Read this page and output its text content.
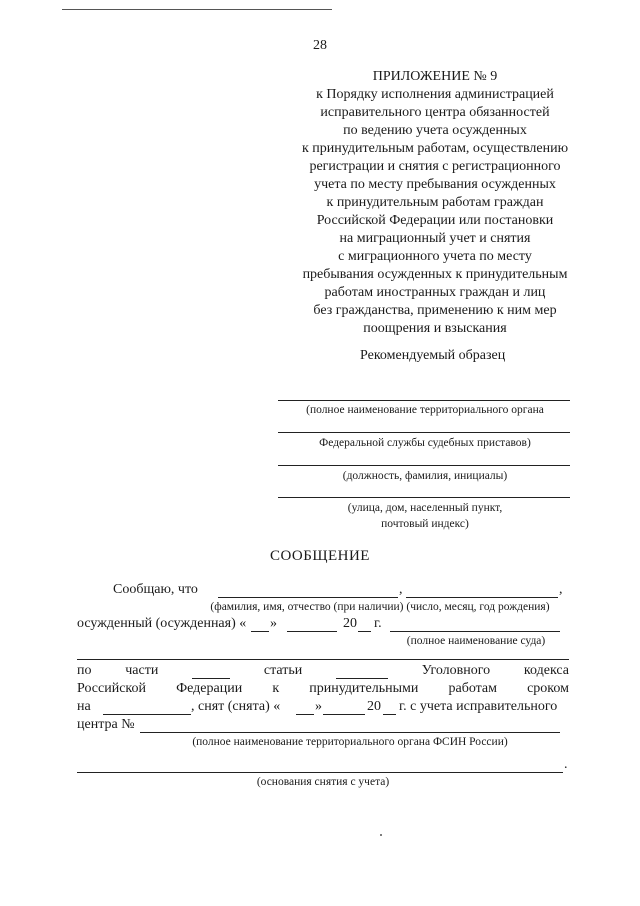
28

ПРИЛОЖЕНИЕ № 9

к Порядку исполнения администрацией
исправительного центра обязанностей
по ведению учета осужденных
к принудительным работам, осуществлению
регистрации и снятия с регистрационного
учета по месту пребывания осужденных
к принудительным работам граждан
Российской Федерации или постановки
на миграционный учет и снятия
с миграционного учета по месту
пребывания осужденных к принудительным
работам иностранных граждан и лиц
без гражданства, применению к ним мер
поощрения и взыскания

Рекомендуемый образец
(полное наименование территориального органа
Федеральной службы судебных приставов)
(должность, фамилия, инициалы)
(улица, дом, населенный пункт,
почтовый индекс)
СООБЩЕНИЕ
Сообщаю, что	,	,
(фамилия, имя, отчество (при наличии) (число, месяц, год рождения)
осужденный (осужденная) « »	20 г.
(полное наименование суда)
по части	статьи	Уголовного кодекса
Российской Федерации к принудительными работам сроком
на	, снят (снята) « »	20 г. с учета исправительного
центра №
(полное наименование территориального органа ФСИН России)
.
(основания снятия с учета)
